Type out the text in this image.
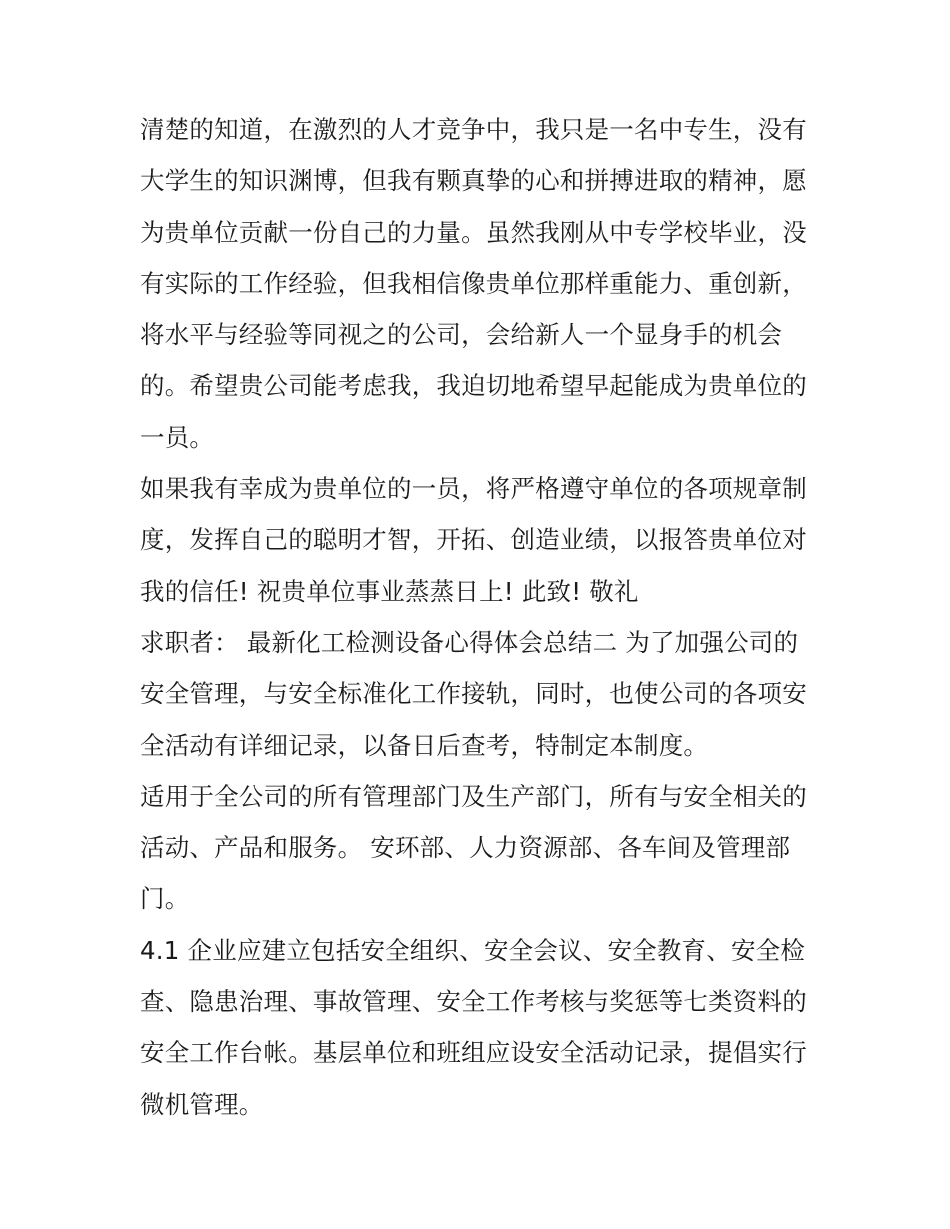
清楚的知道，在激烈的人才竞争中，我只是一名中专生，没有大学生的知识渊博，但我有颗真挚的心和拼搏进取的精神，愿为贵单位贡献一份自己的力量。虽然我刚从中专学校毕业，没有实际的工作经验，但我相信像贵单位那样重能力、重创新，将水平与经验等同视之的公司，会给新人一个显身手的机会的。希望贵公司能考虑我，我迫切地希望早起能成为贵单位的一员。

如果我有幸成为贵单位的一员，将严格遵守单位的各项规章制度，发挥自己的聪明才智，开拓、创造业绩，以报答贵单位对我的信任! 祝贵单位事业蒸蒸日上! 此致! 敬礼

求职者： 最新化工检测设备心得体会总结二 为了加强公司的安全管理，与安全标准化工作接轨，同时，也使公司的各项安全活动有详细记录，以备日后查考，特制定本制度。

适用于全公司的所有管理部门及生产部门，所有与安全相关的活动、产品和服务。 安环部、人力资源部、各车间及管理部门。

4.1 企业应建立包括安全组织、安全会议、安全教育、安全检查、隐患治理、事故管理、安全工作考核与奖惩等七类资料的安全工作台帐。基层单位和班组应设安全活动记录，提倡实行微机管理。
